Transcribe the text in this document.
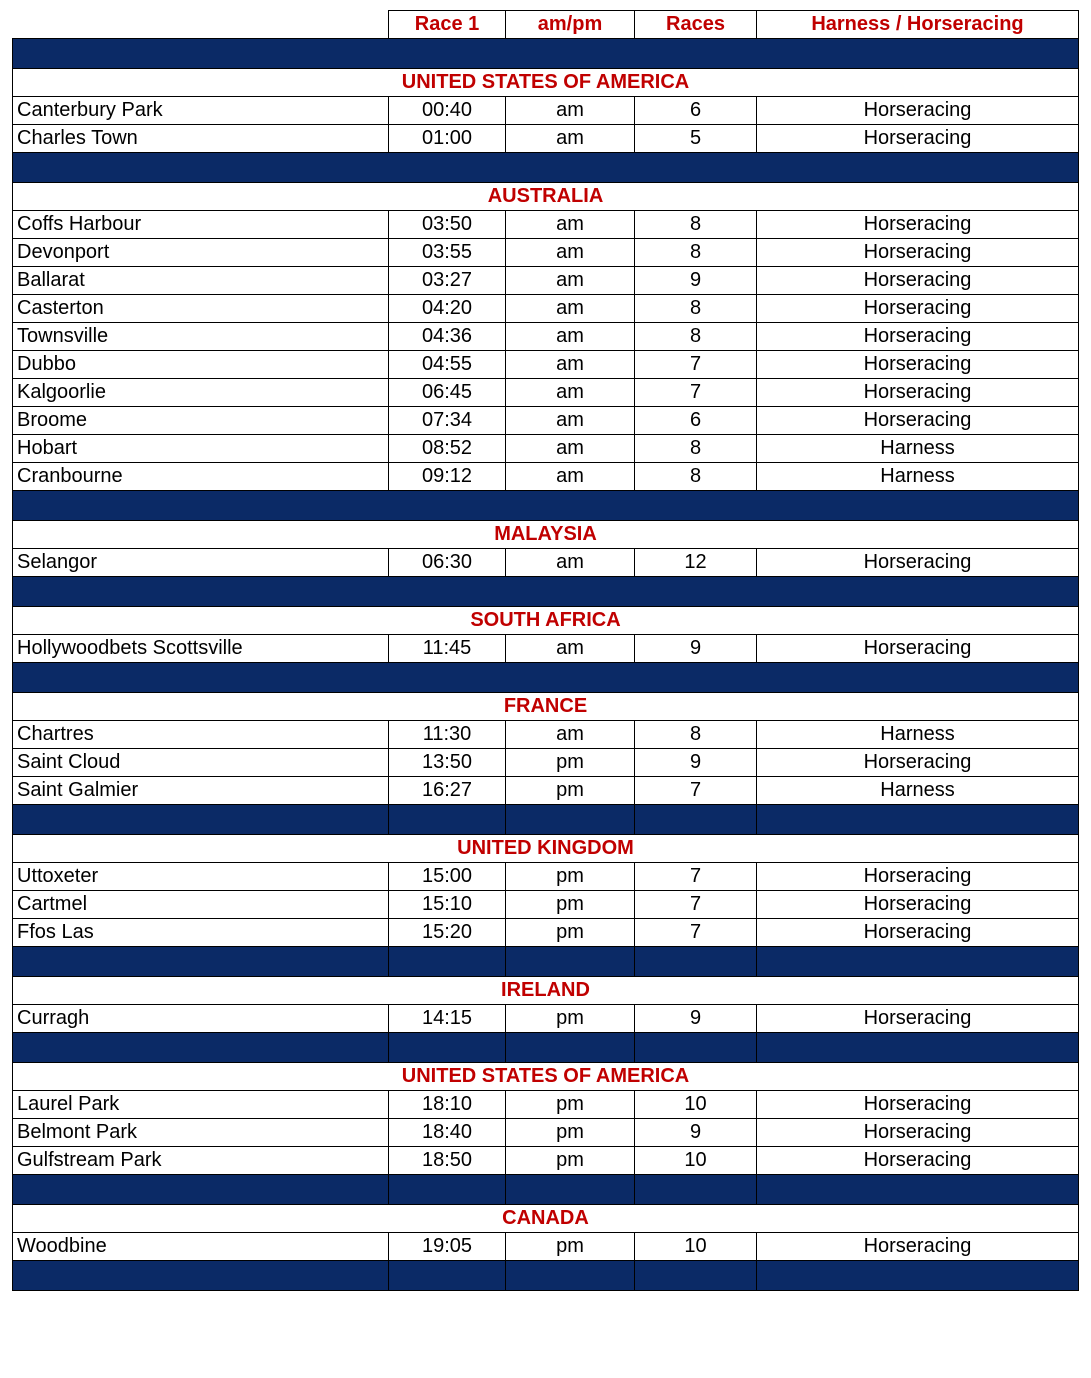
	Race 1	am/pm	Races	Harness / Horseracing

UNITED STATES OF AMERICA				
Canterbury Park	00:40	am	6	Horseracing
Charles Town	01:00	am	5	Horseracing

AUSTRALIA				
Coffs Harbour	03:50	am	8	Horseracing
Devonport	03:55	am	8	Horseracing
Ballarat	03:27	am	9	Horseracing
Casterton	04:20	am	8	Horseracing
Townsville	04:36	am	8	Horseracing
Dubbo	04:55	am	7	Horseracing
Kalgoorlie	06:45	am	7	Horseracing
Broome	07:34	am	6	Horseracing
Hobart	08:52	am	8	Harness
Cranbourne	09:12	am	8	Harness

MALAYSIA				
Selangor	06:30	am	12	Horseracing

SOUTH AFRICA				
Hollywoodbets Scottsville	11:45	am	9	Horseracing

FRANCE				
Chartres	11:30	am	8	Harness
Saint Cloud	13:50	pm	9	Horseracing
Saint Galmier	16:27	pm	7	Harness

UNITED KINGDOM				
Uttoxeter	15:00	pm	7	Horseracing
Cartmel	15:10	pm	7	Horseracing
Ffos Las	15:20	pm	7	Horseracing

IRELAND				
Curragh	14:15	pm	9	Horseracing

UNITED STATES OF AMERICA				
Laurel Park	18:10	pm	10	Horseracing
Belmont Park	18:40	pm	9	Horseracing
Gulfstream Park	18:50	pm	10	Horseracing

CANADA				
Woodbine	19:05	pm	10	Horseracing
